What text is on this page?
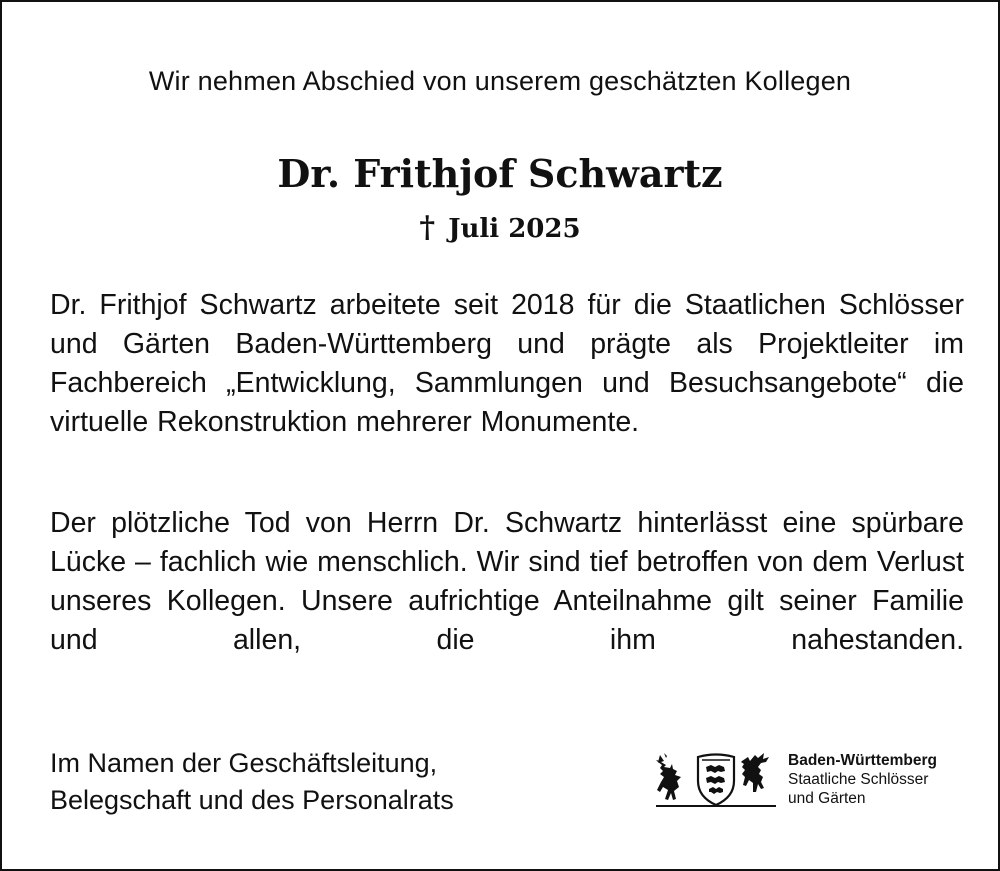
Wir nehmen Abschied von unserem geschätzten Kollegen
Dr. Frithjof Schwartz
† Juli 2025
Dr. Frithjof Schwartz arbeitete seit 2018 für die Staatlichen Schlösser und Gärten Baden-Württemberg und prägte als Projektleiter im Fachbereich „Entwicklung, Sammlungen und Besuchsangebote“ die virtuelle Rekonstruktion mehrerer Monumente.
Der plötzliche Tod von Herrn Dr. Schwartz hinterlässt eine spürbare Lücke – fachlich wie menschlich. Wir sind tief betroffen von dem Verlust unseres Kollegen. Unsere aufrichtige Anteilnahme gilt seiner Familie und allen, die ihm nahestanden.
Im Namen der Geschäftsleitung,
Belegschaft und des Personalrats
Baden-Württemberg
Staatliche Schlösser
und Gärten
